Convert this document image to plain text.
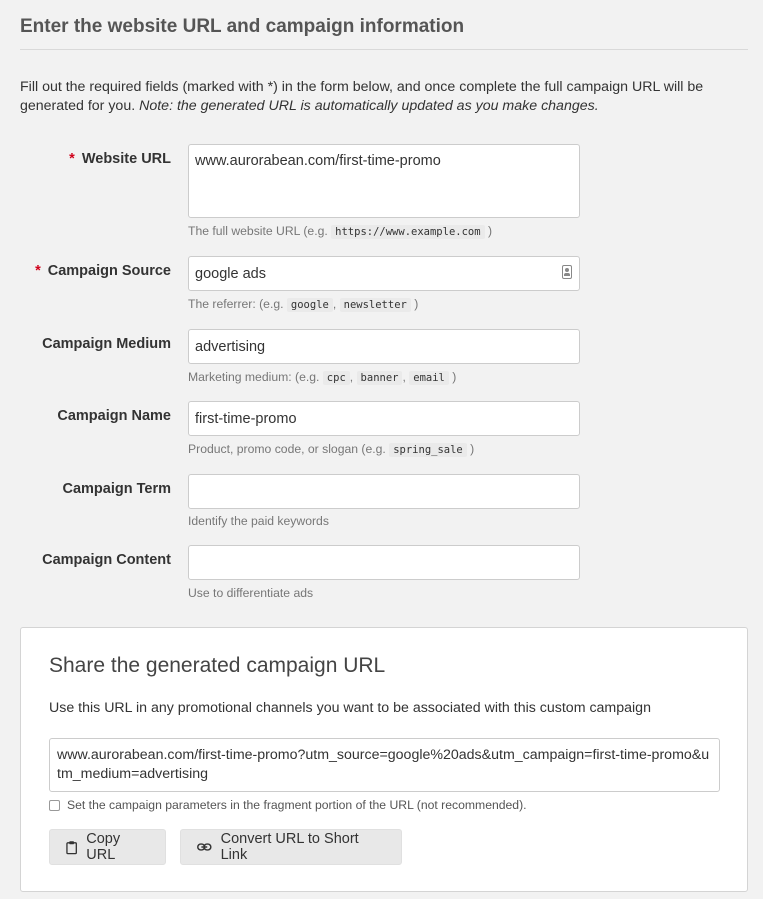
Enter the website URL and campaign information
Fill out the required fields (marked with *) in the form below, and once complete the full campaign URL will be generated for you. Note: the generated URL is automatically updated as you make changes.
* Website URL
www.aurorabean.com/first-time-promo
The full website URL (e.g. https://www.example.com )
* Campaign Source
google ads
The referrer: (e.g. google , newsletter )
Campaign Medium
advertising
Marketing medium: (e.g. cpc , banner , email )
Campaign Name
first-time-promo
Product, promo code, or slogan (e.g. spring_sale )
Campaign Term
Identify the paid keywords
Campaign Content
Use to differentiate ads
Share the generated campaign URL
Use this URL in any promotional channels you want to be associated with this custom campaign
www.aurorabean.com/first-time-promo?utm_source=google%20ads&utm_campaign=first-time-promo&utm_medium=advertising
Set the campaign parameters in the fragment portion of the URL (not recommended).
Copy URL
Convert URL to Short Link
